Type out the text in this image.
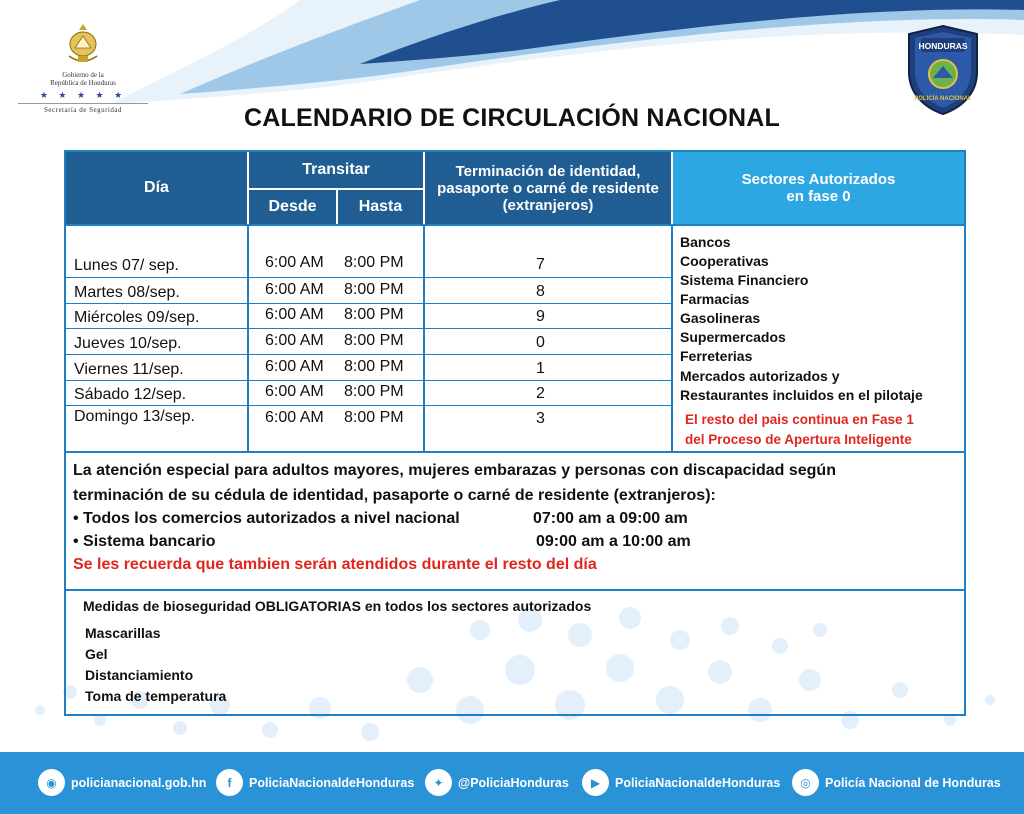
Gobierno de la
República de Honduras
★ ★ ★ ★ ★
Secretaría de Seguridad
HONDURAS
POLICÍA NACIONAL
CALENDARIO DE CIRCULACIÓN NACIONAL
Día
Transitar
Desde	Hasta
Terminación de identidad, pasaporte o carné de residente (extranjeros)
Sectores Autorizados en fase 0
Lunes 07/ sep.	6:00 AM 8:00 PM	7
Martes 08/sep.	6:00 AM 8:00 PM	8
Miércoles 09/sep.	6:00 AM 8:00 PM	9
Jueves 10/sep.	6:00 AM 8:00 PM	0
Viernes 11/sep.	6:00 AM 8:00 PM	1
Sábado 12/sep.	6:00 AM 8:00 PM	2
Domingo 13/sep.	6:00 AM 8:00 PM	3
Bancos
Cooperativas
Sistema Financiero
Farmacias
Gasolineras
Supermercados
Ferreterias
Mercados autorizados y
Restaurantes incluidos en el pilotaje
El resto del pais continua en Fase 1
del Proceso de Apertura Inteligente
La atención especial para adultos mayores, mujeres embarazas y personas con discapacidad según
terminación de su cédula de identidad, pasaporte o carné de residente (extranjeros):
• Todos los comercios autorizados a nivel nacional	07:00 am a 09:00 am
• Sistema bancario	09:00 am a 10:00 am
Se les recuerda que tambien serán atendidos durante el resto del día
Medidas de bioseguridad OBLIGATORIAS en todos los sectores autorizados
Mascarillas
Gel
Distanciamiento
Toma de temperatura
◉	policianacional.gob.hn	f	PoliciaNacionaldeHonduras	✦	@PoliciaHonduras	▶	PoliciaNacionaldeHonduras	◎	Policía Nacional de Honduras
